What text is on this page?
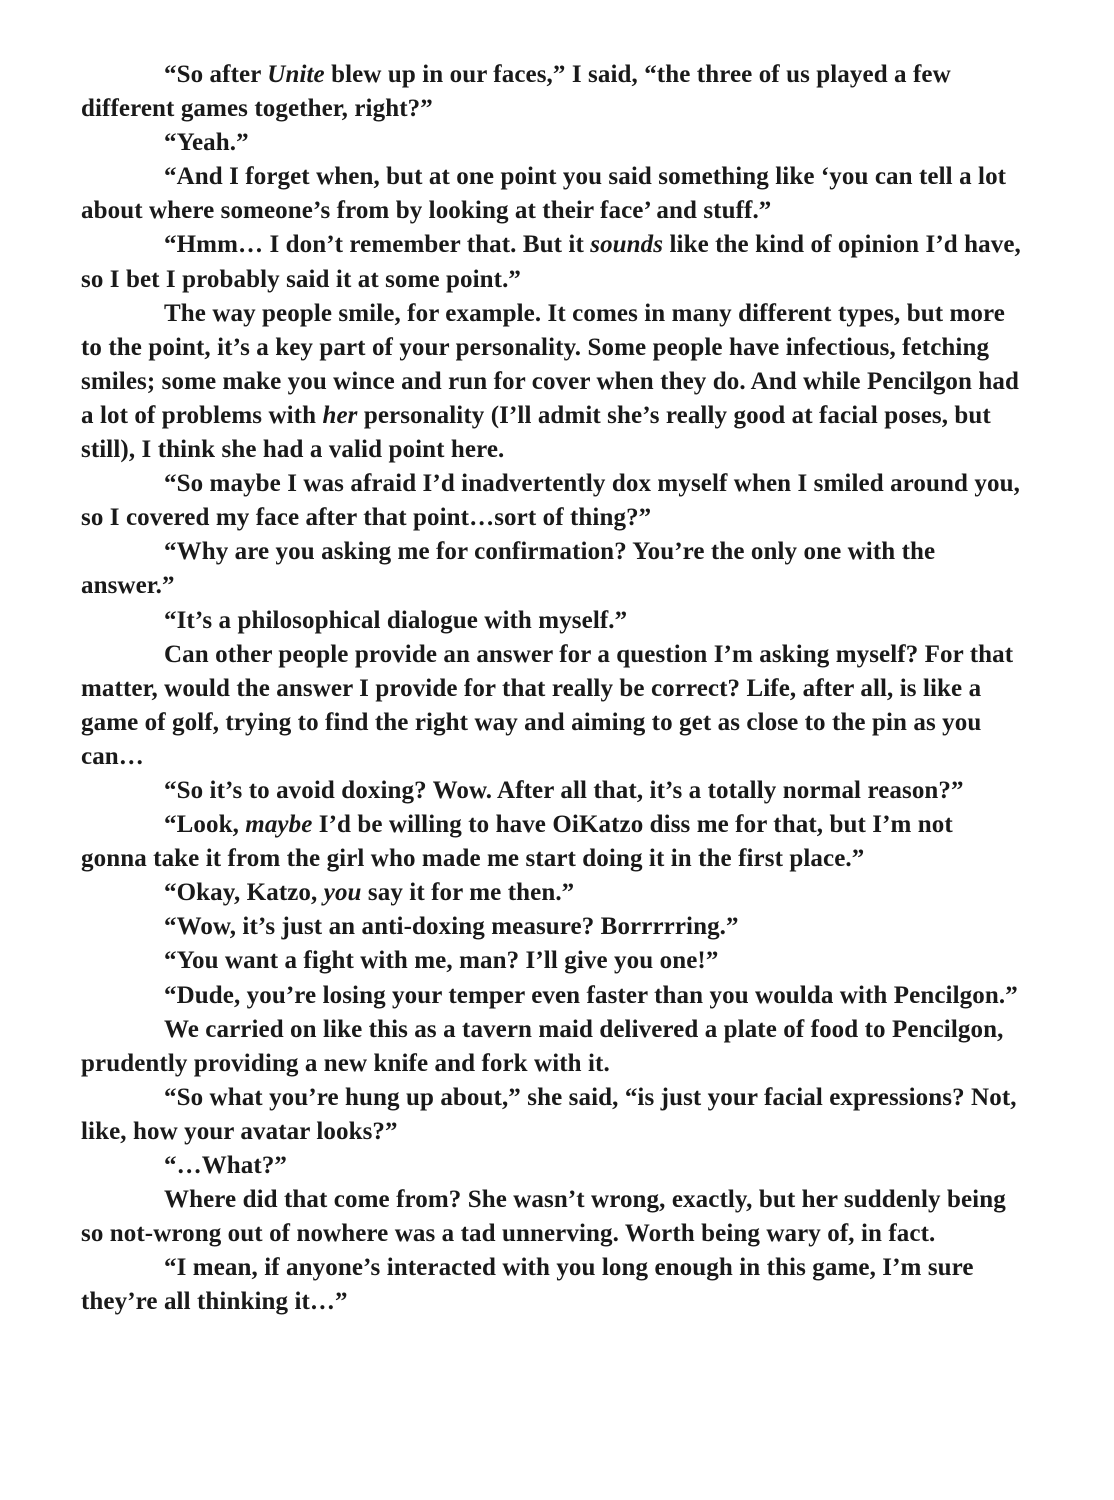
“So after Unite blew up in our faces,” I said, “the three of us played a few different games together, right?”

“Yeah.”

“And I forget when, but at one point you said something like ‘you can tell a lot about where someone’s from by looking at their face’ and stuff.”

“Hmm… I don’t remember that. But it sounds like the kind of opinion I’d have, so I bet I probably said it at some point.”

The way people smile, for example. It comes in many different types, but more to the point, it’s a key part of your personality. Some people have infectious, fetching smiles; some make you wince and run for cover when they do. And while Pencilgon had a lot of problems with her personality (I’ll admit she’s really good at facial poses, but still), I think she had a valid point here.

“So maybe I was afraid I’d inadvertently dox myself when I smiled around you, so I covered my face after that point…sort of thing?”

“Why are you asking me for confirmation? You’re the only one with the answer.”

“It’s a philosophical dialogue with myself.”

Can other people provide an answer for a question I’m asking myself? For that matter, would the answer I provide for that really be correct? Life, after all, is like a game of golf, trying to find the right way and aiming to get as close to the pin as you can…

“So it’s to avoid doxing? Wow. After all that, it’s a totally normal reason?”

“Look, maybe I’d be willing to have OiKatzo diss me for that, but I’m not gonna take it from the girl who made me start doing it in the first place.”

“Okay, Katzo, you say it for me then.”

“Wow, it’s just an anti-doxing measure? Borrrrring.”

“You want a fight with me, man? I’ll give you one!”

“Dude, you’re losing your temper even faster than you woulda with Pencilgon.”

We carried on like this as a tavern maid delivered a plate of food to Pencilgon, prudently providing a new knife and fork with it.

“So what you’re hung up about,” she said, “is just your facial expressions? Not, like, how your avatar looks?”

“…What?”

Where did that come from? She wasn’t wrong, exactly, but her suddenly being so not-wrong out of nowhere was a tad unnerving. Worth being wary of, in fact.

“I mean, if anyone’s interacted with you long enough in this game, I’m sure they’re all thinking it…”
